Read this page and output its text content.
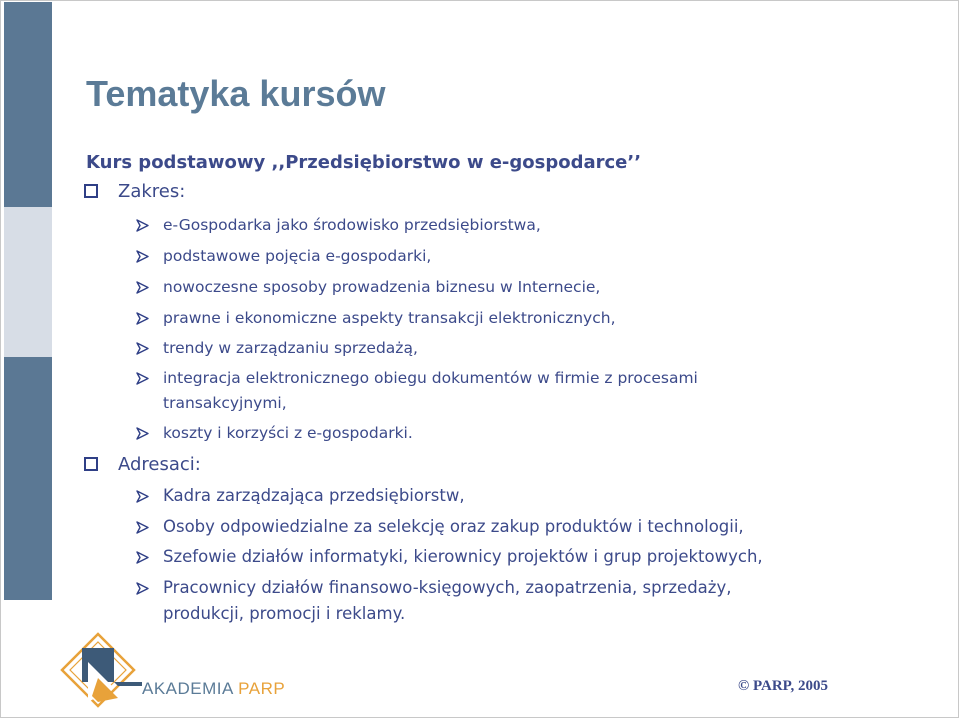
Tematyka kursów
Kurs podstawowy ,,Przedsiębiorstwo w e-gospodarce’’
Zakres:
e-Gospodarka jako środowisko przedsiębiorstwa,
podstawowe pojęcia e-gospodarki,
nowoczesne sposoby prowadzenia biznesu w Internecie,
prawne i ekonomiczne aspekty transakcji elektronicznych,
trendy w zarządzaniu sprzedażą,
integracja elektronicznego obiegu dokumentów w firmie z procesami
transakcyjnymi,
koszty i korzyści z e-gospodarki.
Adresaci:
Kadra zarządzająca przedsiębiorstw,
Osoby odpowiedzialne za selekcję oraz zakup produktów i technologii,
Szefowie działów informatyki, kierownicy projektów i grup projektowych,
Pracownicy działów finansowo-księgowych, zaopatrzenia, sprzedaży,
produkcji, promocji i reklamy.
AKADEMIA PARP	© PARP, 2005
